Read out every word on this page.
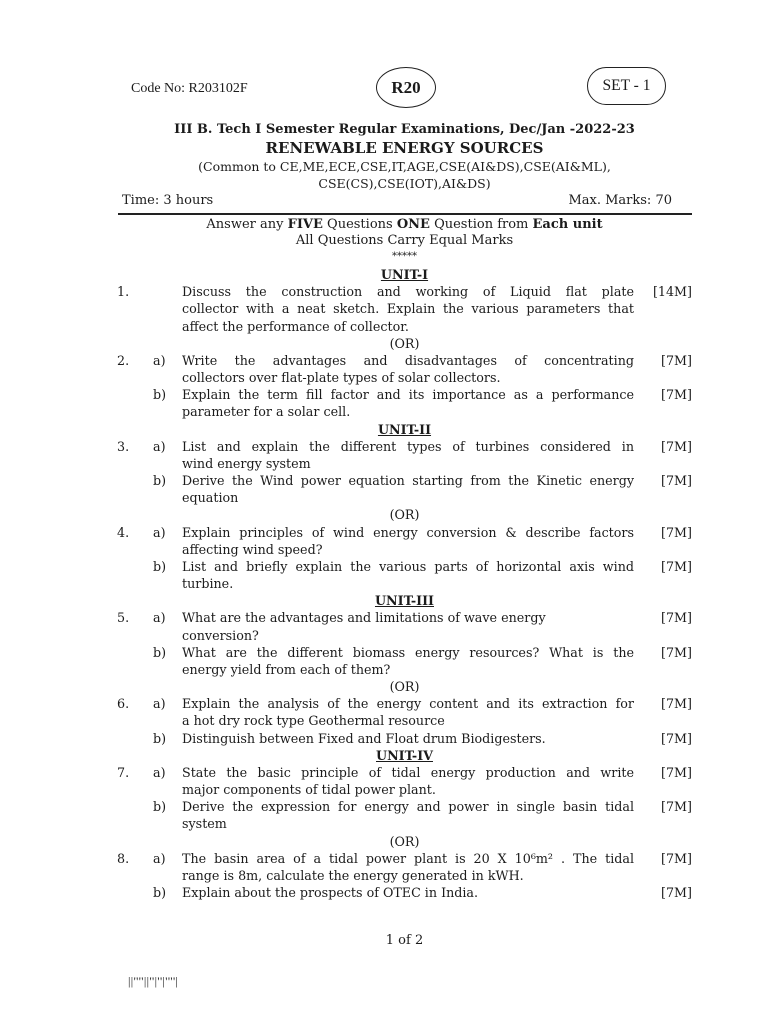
Code No: R203102F	R20	SET - 1
III B. Tech I Semester Regular Examinations, Dec/Jan -2022-23
RENEWABLE ENERGY SOURCES
(Common to CE,ME,ECE,CSE,IT,AGE,CSE(AI&DS),CSE(AI&ML),
CSE(CS),CSE(IOT),AI&DS)
Time: 3 hours	Max. Marks: 70
Answer any FIVE Questions ONE Question from Each unit
All Questions Carry Equal Marks
*****
UNIT-I
1.	Discuss the construction and working of Liquid flat plate
collector with a neat sketch. Explain the various parameters that
affect the performance of collector.
[14M]
(OR)
2.	a)	Write the advantages and disadvantages of concentrating
collectors over flat-plate types of solar collectors.
[7M]
b)	Explain the term fill factor and its importance as a performance
parameter for a solar cell.
[7M]
UNIT-II
3.	a)	List and explain the different types of turbines considered in
wind energy system
[7M]
b)	Derive the Wind power equation starting from the Kinetic energy
equation
[7M]
(OR)
4.	a)	Explain principles of wind energy conversion & describe factors
affecting wind speed?
[7M]
b)	List and briefly explain the various parts of horizontal axis wind
turbine.
[7M]
UNIT-III
5.	a)	What are the advantages and limitations of wave energy
conversion?
[7M]
b)	What are the different biomass energy resources? What is the
energy yield from each of them?
[7M]
(OR)
6.	a)	Explain the analysis of the energy content and its extraction for
a hot dry rock type Geothermal resource
[7M]
b)	Distinguish between Fixed and Float drum Biodigesters.	[7M]
UNIT-IV
7.	a)	State the basic principle of tidal energy production and write
major components of tidal power plant.
[7M]
b)	Derive the expression for energy and power in single basin tidal
system
[7M]
(OR)
8.	a)	The basin area of a tidal power plant is 20 X 10⁶m² . The tidal
range is 8m, calculate the energy generated in kWH.
[7M]
b)	Explain about the prospects of OTEC in India.	[7M]
1 of 2
||''''||''|''|''''|
